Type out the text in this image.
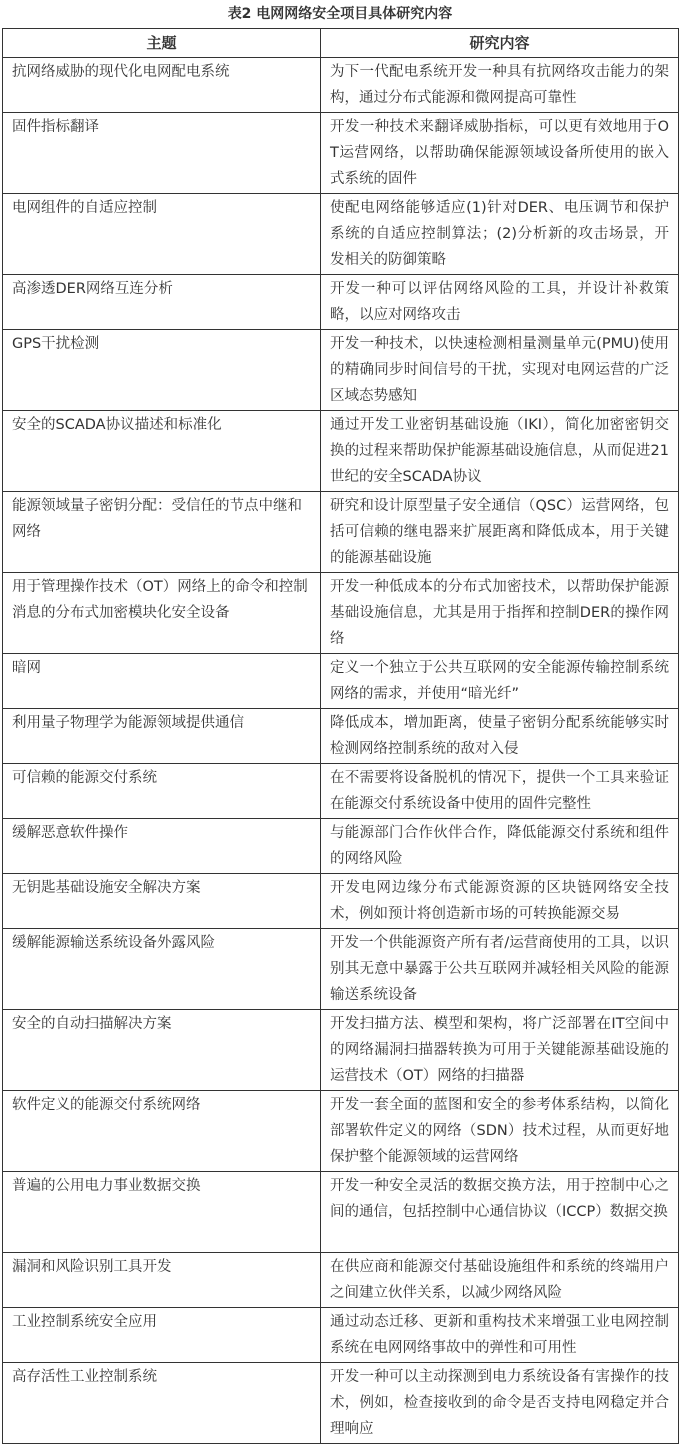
表2 电网网络安全项目具体研究内容
主题	研究内容
抗网络威胁的现代化电网配电系统	为下一代配电系统开发一种具有抗网络攻击能力的架构，通过分布式能源和微网提高可靠性
固件指标翻译	开发一种技术来翻译威胁指标，可以更有效地用于OT运营网络，以帮助确保能源领域设备所使用的嵌入式系统的固件
电网组件的自适应控制	使配电网络能够适应(1)针对DER、电压调节和保护系统的自适应控制算法；(2)分析新的攻击场景，开发相关的防御策略
高渗透DER网络互连分析	开发一种可以评估网络风险的工具，并设计补救策略，以应对网络攻击
GPS干扰检测	开发一种技术，以快速检测相量测量单元(PMU)使用的精确同步时间信号的干扰，实现对电网运营的广泛区域态势感知
安全的SCADA协议描述和标准化	通过开发工业密钥基础设施（IKI），简化加密密钥交换的过程来帮助保护能源基础设施信息，从而促进21世纪的安全SCADA协议
能源领域量子密钥分配：受信任的节点中继和网络	研究和设计原型量子安全通信（QSC）运营网络，包括可信赖的继电器来扩展距离和降低成本，用于关键的能源基础设施
用于管理操作技术（OT）网络上的命令和控制消息的分布式加密模块化安全设备	开发一种低成本的分布式加密技术，以帮助保护能源基础设施信息，尤其是用于指挥和控制DER的操作网络
暗网	定义一个独立于公共互联网的安全能源传输控制系统网络的需求，并使用“暗光纤”
利用量子物理学为能源领域提供通信	降低成本，增加距离，使量子密钥分配系统能够实时检测网络控制系统的敌对入侵
可信赖的能源交付系统	在不需要将设备脱机的情况下，提供一个工具来验证在能源交付系统设备中使用的固件完整性
缓解恶意软件操作	与能源部门合作伙伴合作，降低能源交付系统和组件的网络风险
无钥匙基础设施安全解决方案	开发电网边缘分布式能源资源的区块链网络安全技术，例如预计将创造新市场的可转换能源交易
缓解能源输送系统设备外露风险	开发一个供能源资产所有者/运营商使用的工具，以识别其无意中暴露于公共互联网并减轻相关风险的能源输送系统设备
安全的自动扫描解决方案	开发扫描方法、模型和架构，将广泛部署在IT空间中的网络漏洞扫描器转换为可用于关键能源基础设施的运营技术（OT）网络的扫描器
软件定义的能源交付系统网络	开发一套全面的蓝图和安全的参考体系结构，以简化部署软件定义的网络（SDN）技术过程，从而更好地保护整个能源领域的运营网络
普遍的公用电力事业数据交换	开发一种安全灵活的数据交换方法，用于控制中心之间的通信，包括控制中心通信协议（ICCP）数据交换
漏洞和风险识别工具开发	在供应商和能源交付基础设施组件和系统的终端用户之间建立伙伴关系，以减少网络风险
工业控制系统安全应用	通过动态迁移、更新和重构技术来增强工业电网控制系统在电网网络事故中的弹性和可用性
高存活性工业控制系统	开发一种可以主动探测到电力系统设备有害操作的技术，例如，检查接收到的命令是否支持电网稳定并合理响应
